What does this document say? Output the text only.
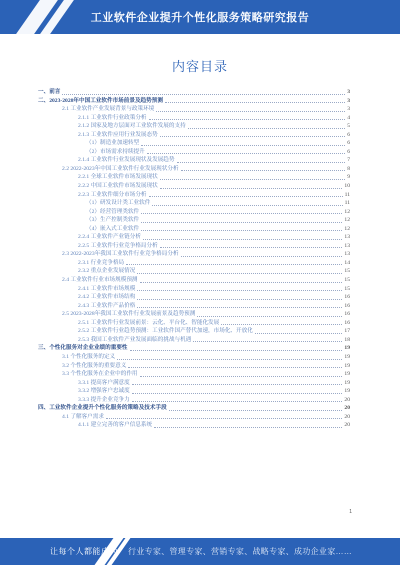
工业软件企业提升个性化服务策略研究报告
内容目录
一、前言	3
二、2023-2028年中国工业软件市场前景及趋势预测	3
2.1 工业软件产业发展背景与政策环境	3
2.1.1 工业软件行业政策分析	4
2.1.2 国家及地方层面对工业软件发展的支持	5
2.1.3 工业软件应用行业发展态势	6
（1）制造业加速转型	6
（2）市场需求持续提升	6
2.1.4 工业软件行业发展现状及发展趋势	7
2.2 2022-2023年中国工业软件行业发展现状分析	8
2.2.1 全球工业软件市场发展现状	9
2.2.2 中国工业软件市场发展现状	10
2.2.3 工业软件细分市场分析	11
（1）研发设计类工业软件	11
（2）经营管理类软件	12
（3）生产控制类软件	12
（4）嵌入式工业软件	12
2.2.4 工业软件产业链分析	13
2.2.5 工业软件行业竞争格局分析	13
2.3 2022-2023年我国工业软件行业竞争格局分析	13
2.3.1 行业竞争格局	14
2.3.2 重点企业发展情况	15
2.4 工业软件行业市场规模预测	15
2.4.1 工业软件市场规模	15
2.4.2 工业软件市场结构	16
2.4.3 工业软件产品价格	16
2.5 2023-2028年我国工业软件行业发展前景及趋势预测	16
2.5.1 工业软件行业发展前景：云化、平台化、智能化发展	16
2.5.2 工业软件行业趋势预测：工业软件国产替代加速，市场化、开放化	17
2.5.3 我国工业软件产业发展面临的挑战与机遇	18
三、个性化服务对企业业绩的重要性	19
3.1 个性化服务的定义	19
3.2 个性化服务的重要意义	19
3.3 个性化服务在企业中的作用	19
3.3.1 提高客户满意度	19
3.3.2 增强客户忠诚度	19
3.3.3 提升企业竞争力	20
四、工业软件企业提升个性化服务的策略及技术手段	20
4.1 了解客户需求	20
4.1.1 建立完善的客户信息系统	20
1
让每个人都能成为 行业专家、管理专家、营销专家、战略专家、成功企业家……
